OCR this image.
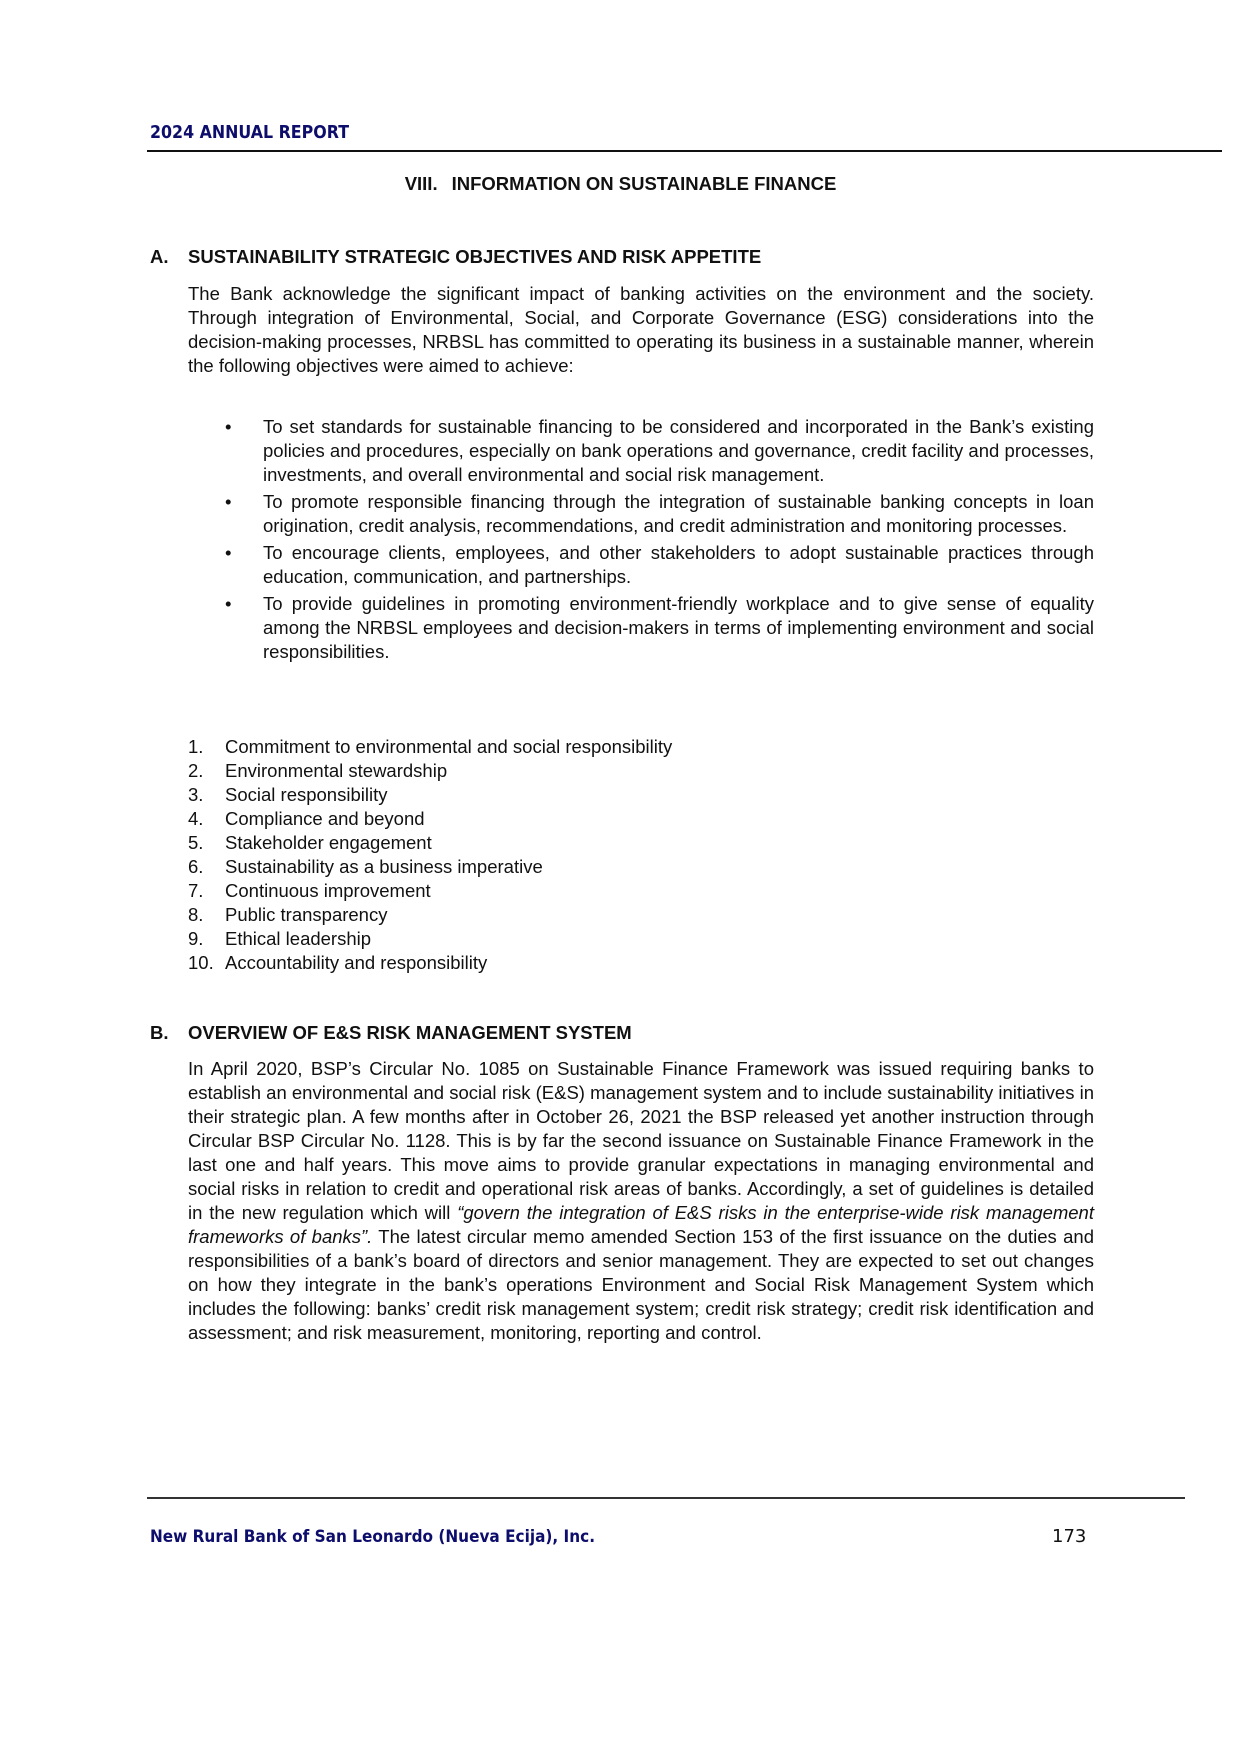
2024 ANNUAL REPORT
VIII. INFORMATION ON SUSTAINABLE FINANCE
A. SUSTAINABILITY STRATEGIC OBJECTIVES AND RISK APPETITE

The Bank acknowledge the significant impact of banking activities on the environment and the society. Through integration of Environmental, Social, and Corporate Governance (ESG) considerations into the decision-making processes, NRBSL has committed to operating its business in a sustainable manner, wherein the following objectives were aimed to achieve:

• To set standards for sustainable financing to be considered and incorporated in the Bank’s existing policies and procedures, especially on bank operations and governance, credit facility and processes, investments, and overall environmental and social risk management.
• To promote responsible financing through the integration of sustainable banking concepts in loan origination, credit analysis, recommendations, and credit administration and monitoring processes.
• To encourage clients, employees, and other stakeholders to adopt sustainable practices through education, communication, and partnerships.
• To provide guidelines in promoting environment-friendly workplace and to give sense of equality among the NRBSL employees and decision-makers in terms of implementing environment and social responsibilities.
1. Commitment to environmental and social responsibility
2. Environmental stewardship
3. Social responsibility
4. Compliance and beyond
5. Stakeholder engagement
6. Sustainability as a business imperative
7. Continuous improvement
8. Public transparency
9. Ethical leadership
10. Accountability and responsibility
B. OVERVIEW OF E&S RISK MANAGEMENT SYSTEM

In April 2020, BSP’s Circular No. 1085 on Sustainable Finance Framework was issued requiring banks to establish an environmental and social risk (E&S) management system and to include sustainability initiatives in their strategic plan. A few months after in October 26, 2021 the BSP released yet another instruction through Circular BSP Circular No. 1128. This is by far the second issuance on Sustainable Finance Framework in the last one and half years. This move aims to provide granular expectations in managing environmental and social risks in relation to credit and operational risk areas of banks. Accordingly, a set of guidelines is detailed in the new regulation which will “govern the integration of E&S risks in the enterprise-wide risk management frameworks of banks”. The latest circular memo amended Section 153 of the first issuance on the duties and responsibilities of a bank’s board of directors and senior management. They are expected to set out changes on how they integrate in the bank’s operations Environment and Social Risk Management System which includes the following: banks’ credit risk management system; credit risk strategy; credit risk identification and assessment; and risk measurement, monitoring, reporting and control.

New Rural Bank of San Leonardo (Nueva Ecija), Inc.	173
